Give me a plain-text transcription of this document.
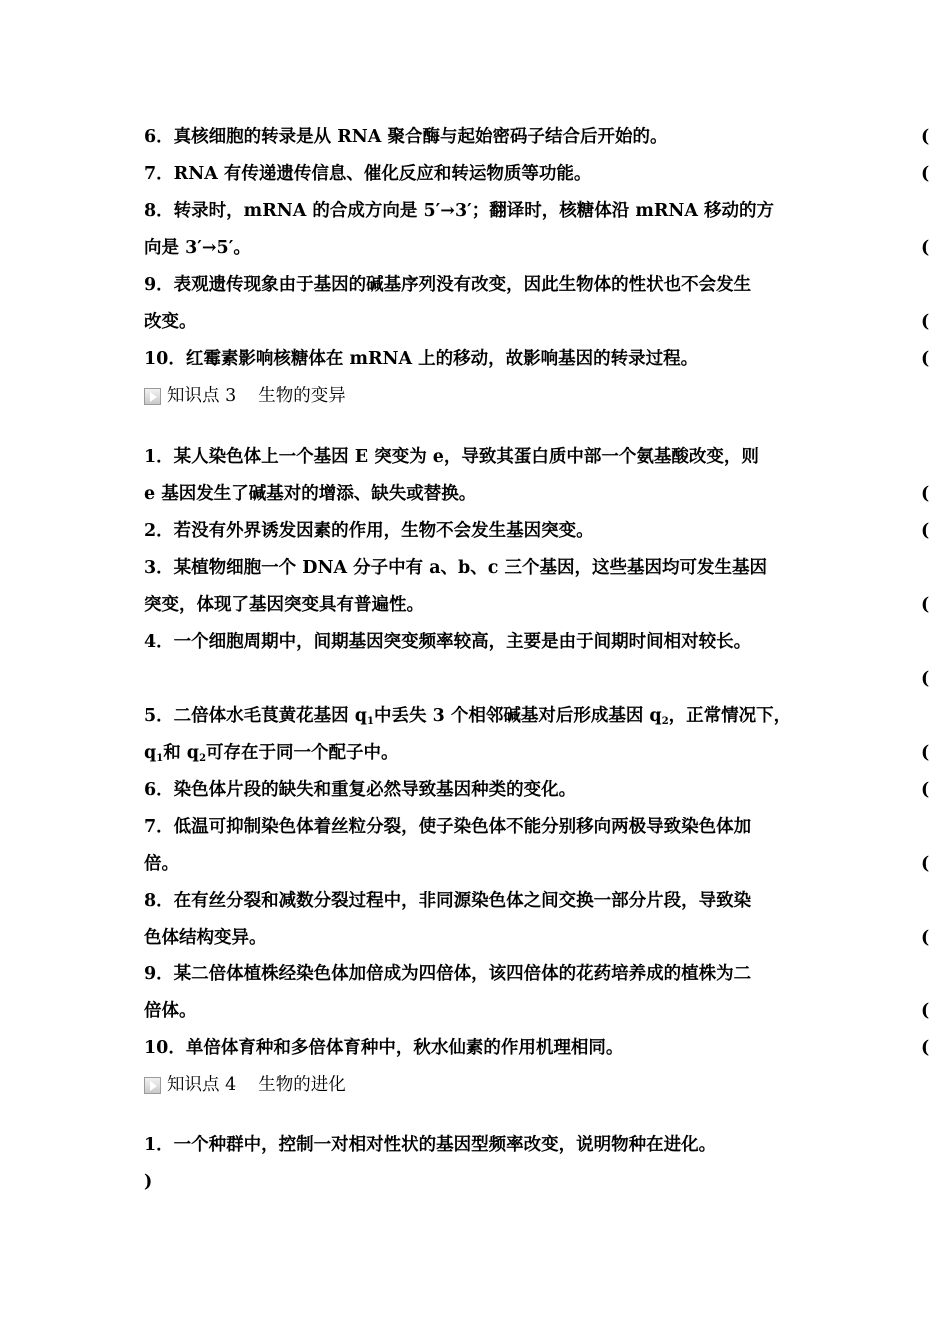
6．真核细胞的转录是从 RNA 聚合酶与起始密码子结合后开始的。	(
7．RNA 有传递遗传信息、催化反应和转运物质等功能。	(
8．转录时，mRNA 的合成方向是 5′→3′；翻译时，核糖体沿 mRNA 移动的方
向是 3′→5′。	(
9．表观遗传现象由于基因的碱基序列没有改变，因此生物体的性状也不会发生
改变。	(
10．红霉素影响核糖体在 mRNA 上的移动，故影响基因的转录过程。	(
知识点 3 生物的变异
1．某人染色体上一个基因 E 突变为 e，导致其蛋白质中部一个氨基酸改变，则
e 基因发生了碱基对的增添、缺失或替换。	(
2．若没有外界诱发因素的作用，生物不会发生基因突变。	(
3．某植物细胞一个 DNA 分子中有 a、b、c 三个基因，这些基因均可发生基因
突变，体现了基因突变具有普遍性。	(
4．一个细胞周期中，间期基因突变频率较高，主要是由于间期时间相对较长。
(
5．二倍体水毛茛黄花基因 $q_1$中丢失 3 个相邻碱基对后形成基因 $q_2$，正常情况下，
$q_1$和 $q_2$可存在于同一个配子中。	(
6．染色体片段的缺失和重复必然导致基因种类的变化。	(
7．低温可抑制染色体着丝粒分裂，使子染色体不能分别移向两极导致染色体加
倍。	(
8．在有丝分裂和减数分裂过程中，非同源染色体之间交换一部分片段，导致染
色体结构变异。	(
9．某二倍体植株经染色体加倍成为四倍体，该四倍体的花药培养成的植株为二
倍体。	(
10．单倍体育种和多倍体育种中，秋水仙素的作用机理相同。	(
知识点 4 生物的进化
1．一个种群中，控制一对相对性状的基因型频率改变，说明物种在进化。
)
